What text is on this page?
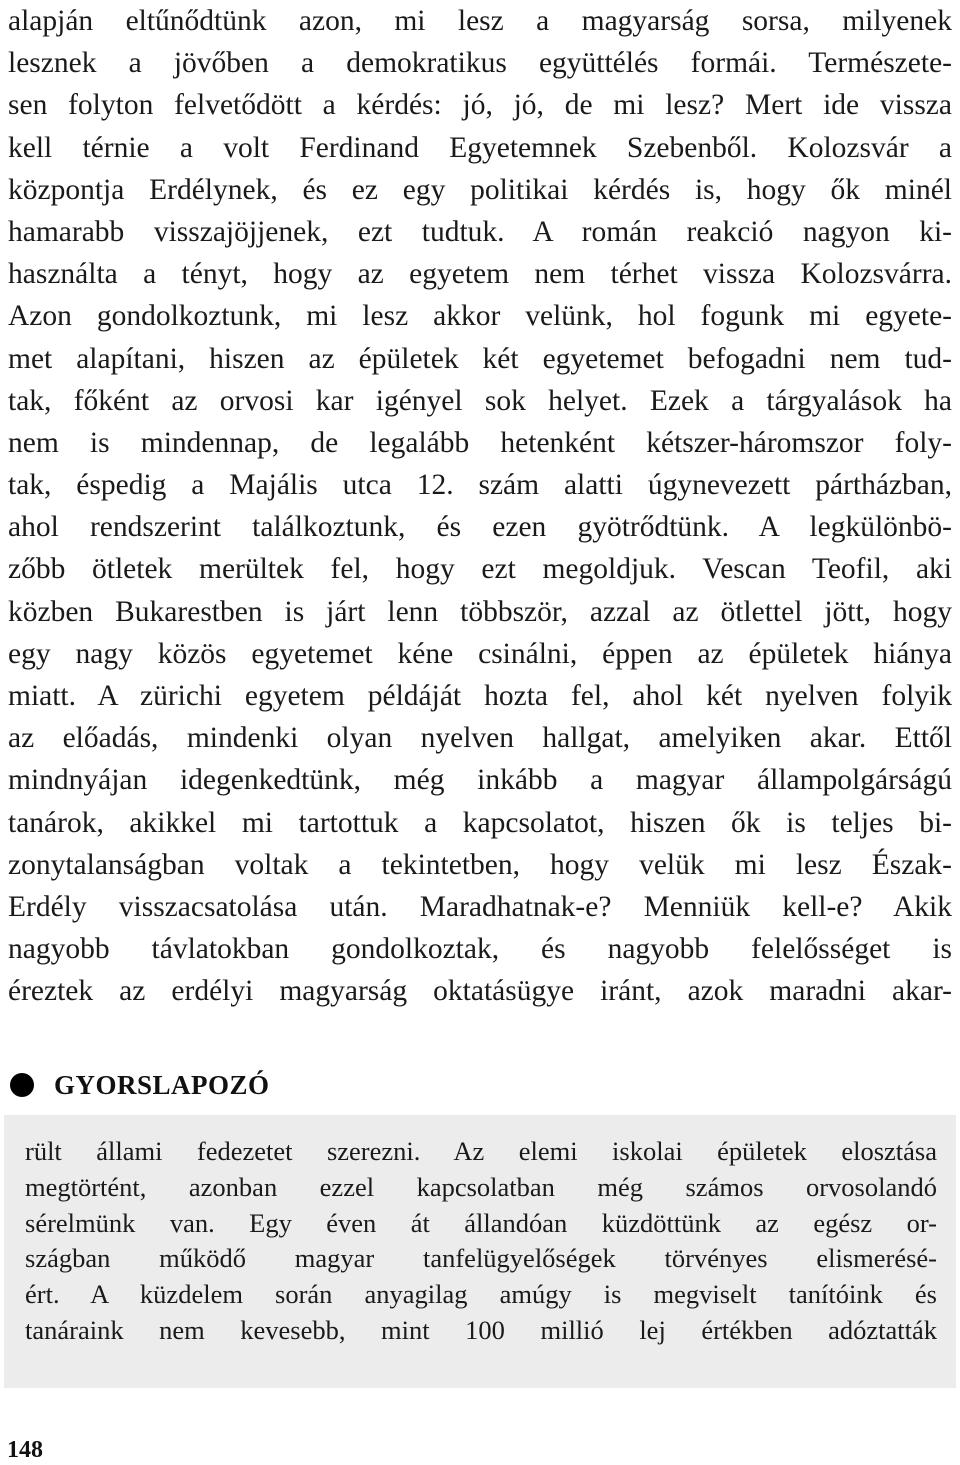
alapján eltűnődtünk azon, mi lesz a magyarság sorsa, milyenek
lesznek a jövőben a demokratikus együttélés formái. Természete-
sen folyton felvetődött a kérdés: jó, jó, de mi lesz? Mert ide vissza
kell térnie a volt Ferdinand Egyetemnek Szebenből. Kolozsvár a
központja Erdélynek, és ez egy politikai kérdés is, hogy ők minél
hamarabb visszajöjjenek, ezt tudtuk. A román reakció nagyon ki-
használta a tényt, hogy az egyetem nem térhet vissza Kolozsvárra.
Azon gondolkoztunk, mi lesz akkor velünk, hol fogunk mi egyete-
met alapítani, hiszen az épületek két egyetemet befogadni nem tud-
tak, főként az orvosi kar igényel sok helyet. Ezek a tárgyalások ha
nem is mindennap, de legalább hetenként kétszer-háromszor foly-
tak, éspedig a Majális utca 12. szám alatti úgynevezett pártházban,
ahol rendszerint találkoztunk, és ezen gyötrődtünk. A legkülönbö-
zőbb ötletek merültek fel, hogy ezt megoldjuk. Vescan Teofil, aki
közben Bukarestben is járt lenn többször, azzal az ötlettel jött, hogy
egy nagy közös egyetemet kéne csinálni, éppen az épületek hiánya
miatt. A zürichi egyetem példáját hozta fel, ahol két nyelven folyik
az előadás, mindenki olyan nyelven hallgat, amelyiken akar. Ettől
mindnyájan idegenkedtünk, még inkább a magyar állampolgárságú
tanárok, akikkel mi tartottuk a kapcsolatot, hiszen ők is teljes bi-
zonytalanságban voltak a tekintetben, hogy velük mi lesz Észak-
Erdély visszacsatolása után. Maradhatnak-e? Menniük kell-e? Akik
nagyobb távlatokban gondolkoztak, és nagyobb felelősséget is
éreztek az erdélyi magyarság oktatásügye iránt, azok maradni akar-
GYORSLAPOZÓ
rült állami fedezetet szerezni. Az elemi iskolai épületek elosztása
megtörtént, azonban ezzel kapcsolatban még számos orvosolandó
sérelmünk van. Egy éven át állandóan küzdöttünk az egész or-
szágban működő magyar tanfelügyelőségek törvényes elismerésé-
ért. A küzdelem során anyagilag amúgy is megviselt tanítóink és
tanáraink nem kevesebb, mint 100 millió lej értékben adóztatták
148
